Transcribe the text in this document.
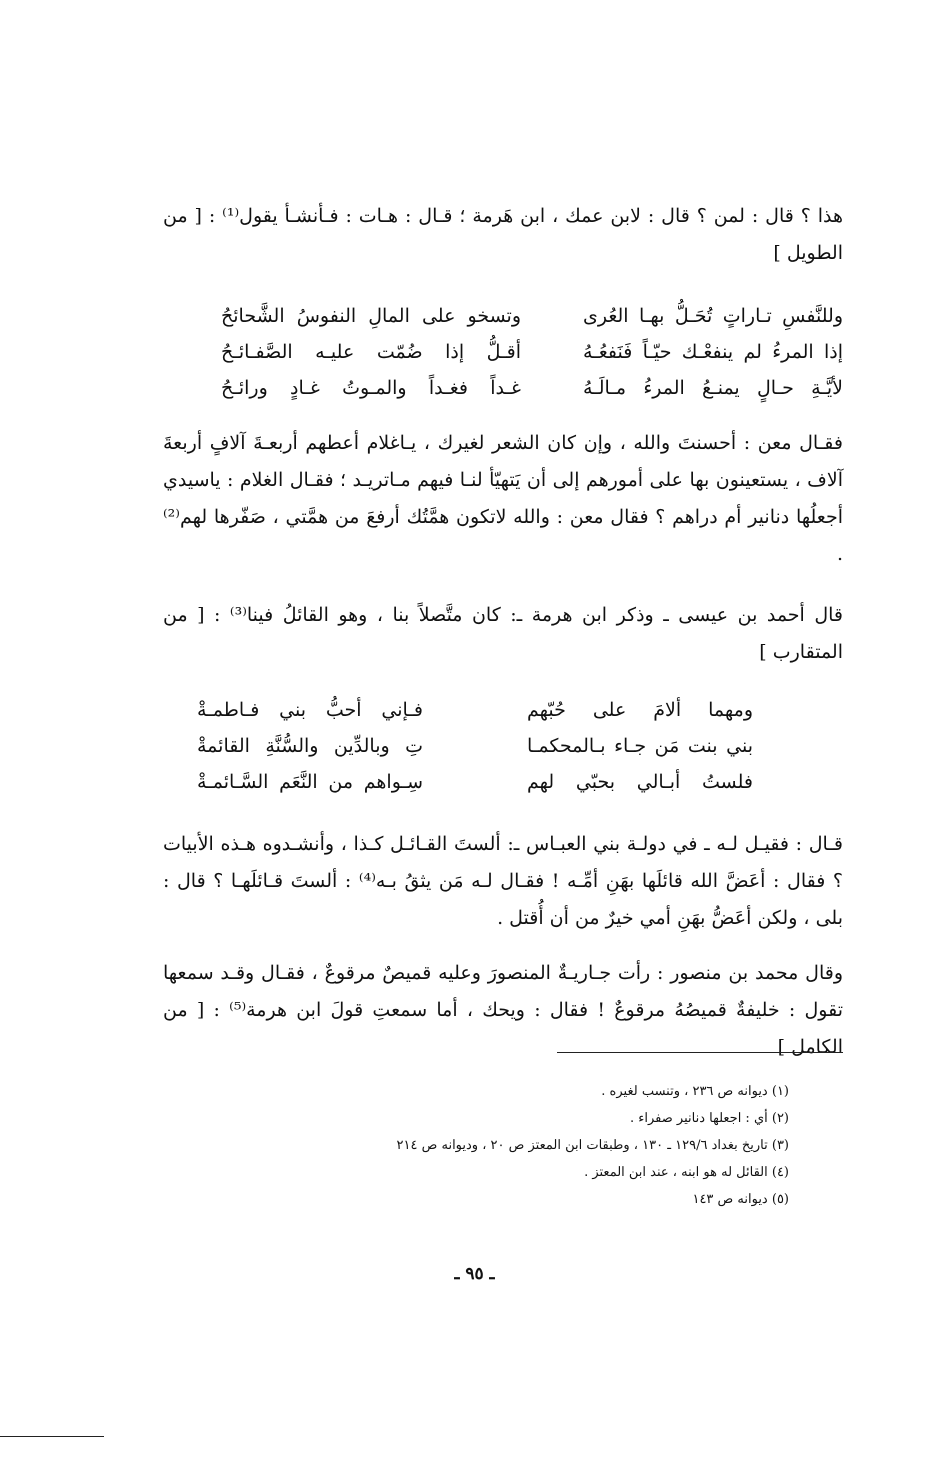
هذا ؟ قال : لمن ؟ قال : لابن عمك ، ابن هَرمة ؛ قـال : هـات : فـأنشـأ يقول⁽¹⁾ : [ من الطويل ]

وللنَّفسِ تـاراتٍ تُحَـلُّ بهـا العُرى
وتسخو على المالِ النفوسُ الشَّحائحُ
إذا المرءُ لم ينفعْـك حيّـاً فَنَفعُـهُ
أقـلُّ إذا ضُمّت عليـه الصَّفـائـحُ
لأيَّـةِ حـالٍ يمنـعُ المرءُ مـالَـهُ
غـداً فغـداً والمـوتُ غـادٍ ورائـحُ

فقـال معن : أحسنتَ والله ، وإن كان الشعر لغيرك ، يـاغلام أعطهم أربعـةَ آلافٍ أربعةَ آلاف ، يستعينون بها على أمورهم إلى أن يَتهيّأ لنـا فيهم مـاتريـد ؛ فقـال الغلام : ياسيدي أجعلُها دنانير أم دراهم ؟ فقال معن : والله لاتكون همَّتُك أرفعَ من همَّتي ، صَفّرها لهم⁽²⁾ .

قال أحمد بن عيسى ـ وذكر ابن هرمة ـ: كان متَّصلاً بنا ، وهو القائلُ فينا⁽³⁾ : [ من المتقارب ]

ومهما ألامَ على حُبّهم
فـإني أحبُّ بني فـاطمـةْ
بني بنت مَن جـاء بـالمحكمـا
تِ وبالدِّين والسُّنَّةِ القائمةْ
فلستُ أبـالي بحبّي لهم
سِـواهم من النَّعَم السَّـائمـةْ

قـال : فقيـل لـه ـ في دولـة بني العبـاس ـ: ألستَ القـائـل كـذا ، وأنشـدوه هـذه الأبيات ؟ فقال : أعَضَّ الله قائلَها بهَنِ أمِّـه ! فقـال لـه مَن يثقُ بـه⁽⁴⁾ : ألستَ قـائلَهـا ؟ قال : بلى ، ولكن أعَضُّ بهَنِ أمي خيرٌ من أن أُقتل .

وقال محمد بن منصور : رأت جـاريـةٌ المنصورَ وعليه قميصٌ مرقوعٌ ، فقـال وقـد سمعها تقول : خليفةٌ قميصُهُ مرقوعٌ ! فقال : ويحك ، أما سمعتِ قولَ ابن هرمة⁽⁵⁾ : [ من الكامل ]

(١) ديوانه ص ٢٣٦ ، وتنسب لغيره .
(٢) أي : اجعلها دنانير صفراء .
(٣) تاريخ بغداد ١٢٩/٦ ـ ١٣٠ ، وطبقات ابن المعتز ص ٢٠ ، وديوانه ص ٢١٤
(٤) القائل له هو ابنه ، عند ابن المعتز .
(٥) ديوانه ص ١٤٣
ـ ٩٥ ـ
